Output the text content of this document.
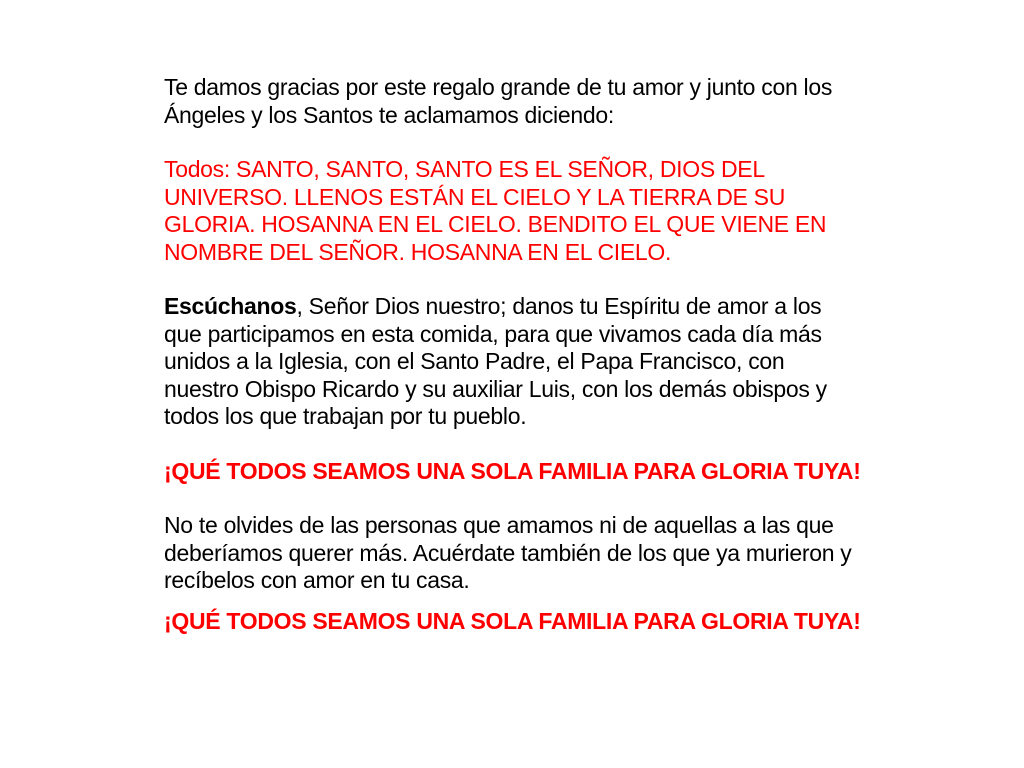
Te damos gracias por este regalo grande de tu amor y junto con los Ángeles y los Santos te aclamamos diciendo:

Todos: SANTO, SANTO, SANTO ES EL SEÑOR, DIOS DEL UNIVERSO. LLENOS ESTÁN EL CIELO Y LA TIERRA DE SU GLORIA. HOSANNA EN EL CIELO. BENDITO EL QUE VIENE EN NOMBRE DEL SEÑOR. HOSANNA EN EL CIELO.

Escúchanos, Señor Dios nuestro; danos tu Espíritu de amor a los que participamos en esta comida, para que vivamos cada día más unidos a la Iglesia, con el Santo Padre, el Papa Francisco, con nuestro Obispo Ricardo y su auxiliar Luis, con los demás obispos y todos los que trabajan por tu pueblo.

¡QUÉ TODOS SEAMOS UNA SOLA FAMILIA PARA GLORIA TUYA!

No te olvides de las personas que amamos ni de aquellas a las que deberíamos querer más. Acuérdate también de los que ya murieron y recíbelos con amor en tu casa.

¡QUÉ TODOS SEAMOS UNA SOLA FAMILIA PARA GLORIA TUYA!
